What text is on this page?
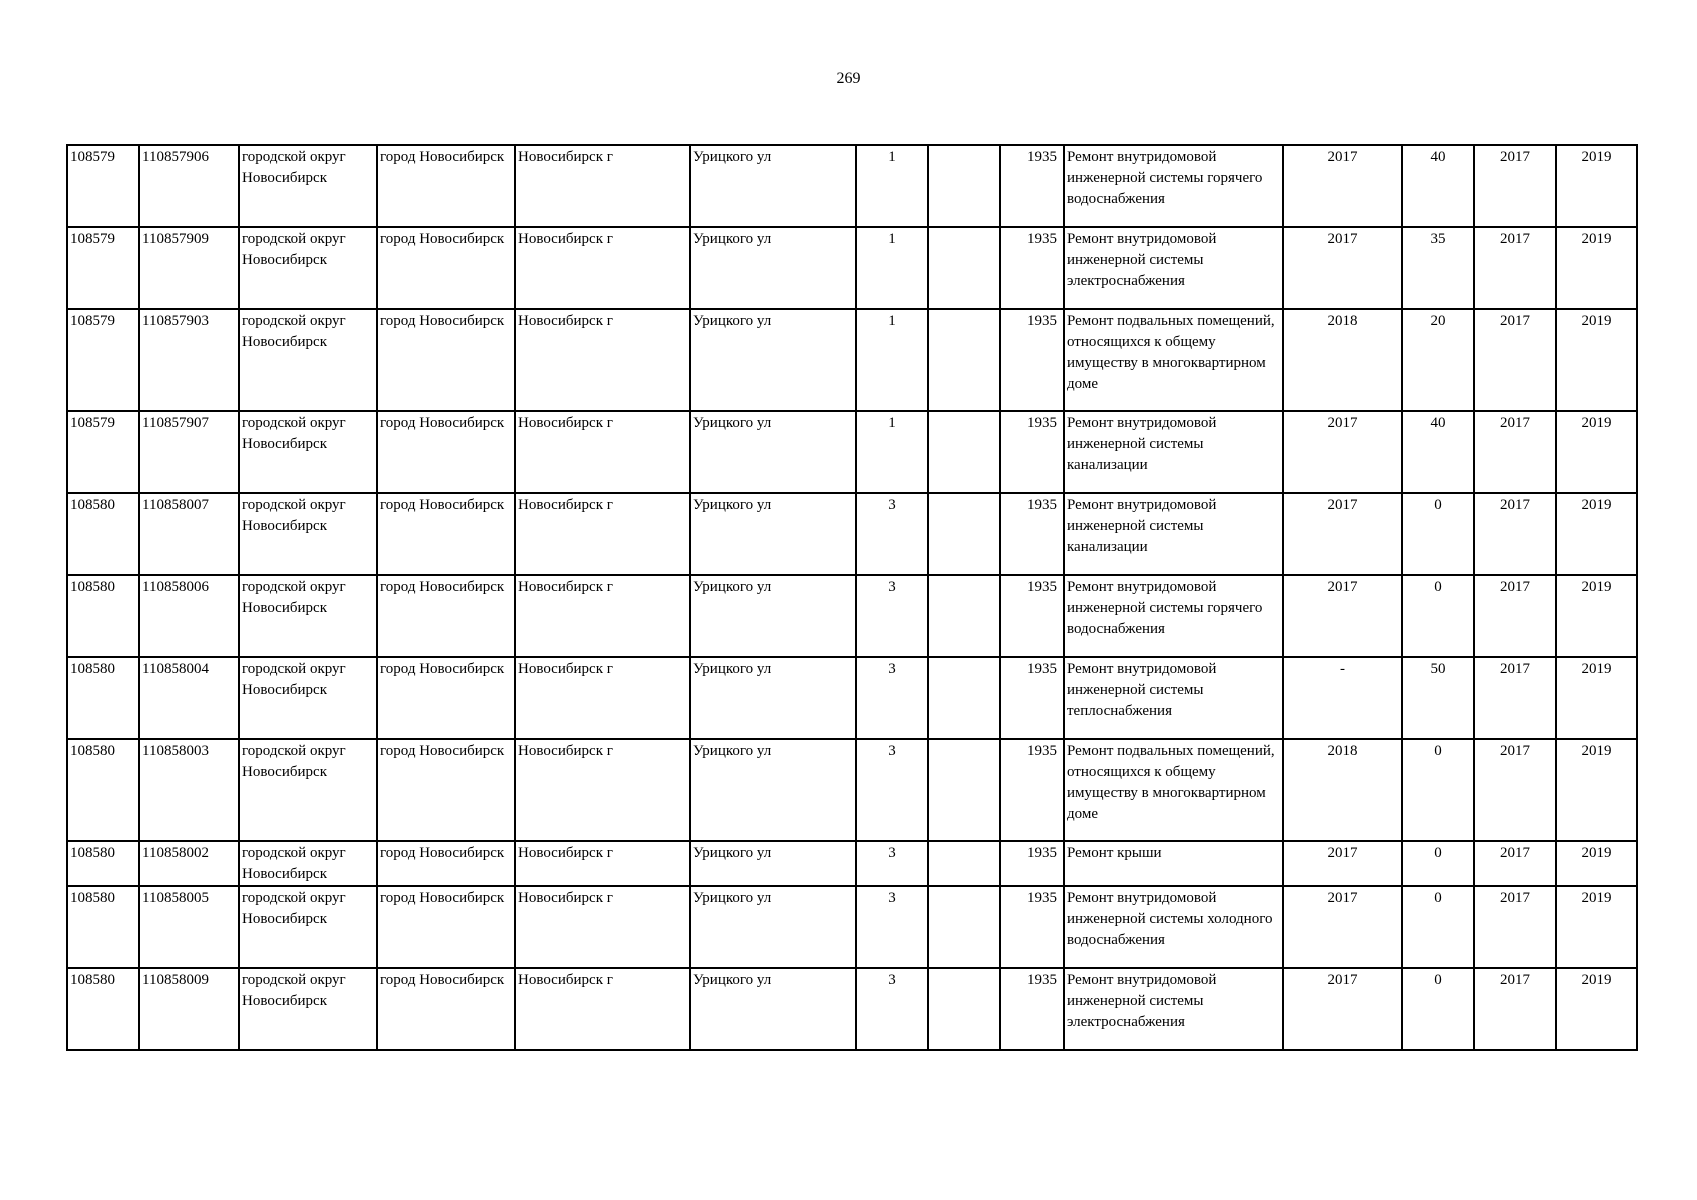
269
108579	110857906	городской округ Новосибирск	город Новосибирск	Новосибирск г	Урицкого ул	1		1935	Ремонт внутридомовой инженерной системы горячего водоснабжения	2017	40	2017	2019
108579	110857909	городской округ Новосибирск	город Новосибирск	Новосибирск г	Урицкого ул	1		1935	Ремонт внутридомовой инженерной системы электроснабжения	2017	35	2017	2019
108579	110857903	городской округ Новосибирск	город Новосибирск	Новосибирск г	Урицкого ул	1		1935	Ремонт подвальных помещений, относящихся к общему имуществу в многоквартирном доме	2018	20	2017	2019
108579	110857907	городской округ Новосибирск	город Новосибирск	Новосибирск г	Урицкого ул	1		1935	Ремонт внутридомовой инженерной системы канализации	2017	40	2017	2019
108580	110858007	городской округ Новосибирск	город Новосибирск	Новосибирск г	Урицкого ул	3		1935	Ремонт внутридомовой инженерной системы канализации	2017	0	2017	2019
108580	110858006	городской округ Новосибирск	город Новосибирск	Новосибирск г	Урицкого ул	3		1935	Ремонт внутридомовой инженерной системы горячего водоснабжения	2017	0	2017	2019
108580	110858004	городской округ Новосибирск	город Новосибирск	Новосибирск г	Урицкого ул	3		1935	Ремонт внутридомовой инженерной системы теплоснабжения	-	50	2017	2019
108580	110858003	городской округ Новосибирск	город Новосибирск	Новосибирск г	Урицкого ул	3		1935	Ремонт подвальных помещений, относящихся к общему имуществу в многоквартирном доме	2018	0	2017	2019
108580	110858002	городской округ Новосибирск	город Новосибирск	Новосибирск г	Урицкого ул	3		1935	Ремонт крыши	2017	0	2017	2019
108580	110858005	городской округ Новосибирск	город Новосибирск	Новосибирск г	Урицкого ул	3		1935	Ремонт внутридомовой инженерной системы холодного водоснабжения	2017	0	2017	2019
108580	110858009	городской округ Новосибирск	город Новосибирск	Новосибирск г	Урицкого ул	3		1935	Ремонт внутридомовой инженерной системы электроснабжения	2017	0	2017	2019
